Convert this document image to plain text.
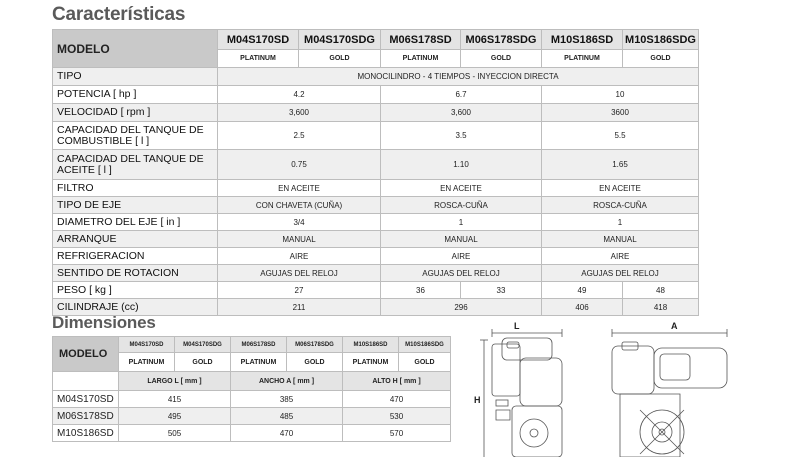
Características
MODELO	M04S170SD	M04S170SDG	M06S178SD	M06S178SDG	M10S186SD	M10S186SDG
	PLATINUM	GOLD	PLATINUM	GOLD	PLATINUM	GOLD
TIPO	MONOCILINDRO - 4 TIEMPOS - INYECCION DIRECTA					
POTENCIA [ hp ]	4.2		6.7		10	
VELOCIDAD [ rpm ]	3,600		3,600		3600	
CAPACIDAD DEL TANQUE DE COMBUSTIBLE [ l ]	2.5		3.5		5.5	
CAPACIDAD DEL TANQUE DE ACEITE [ l ]	0.75		1.10		1.65	
FILTRO	EN ACEITE		EN ACEITE		EN ACEITE	
TIPO DE EJE	CON CHAVETA (CUÑA)		ROSCA-CUÑA		ROSCA-CUÑA	
DIAMETRO DEL EJE [ in ]	3/4		1		1	
ARRANQUE	MANUAL		MANUAL		MANUAL	
REFRIGERACION	AIRE		AIRE		AIRE	
SENTIDO DE ROTACION	AGUJAS DEL RELOJ		AGUJAS DEL RELOJ		AGUJAS DEL RELOJ	
PESO [ kg ]	27		36	33	49	48
CILINDRAJE (cc)	211		296		406	418
Dimensiones
MODELO	M04S170SD	M04S170SDG	M06S178SD	M06S178SDG	M10S186SD	M10S186SDG
	PLATINUM	GOLD	PLATINUM	GOLD	PLATINUM	GOLD
	LARGO L [ mm ]		ANCHO A [ mm ]		ALTO H [ mm ]	
M04S170SD	415		385		470	
M06S178SD	495		485		530	
M10S186SD	505		470		570	
L	A
H
